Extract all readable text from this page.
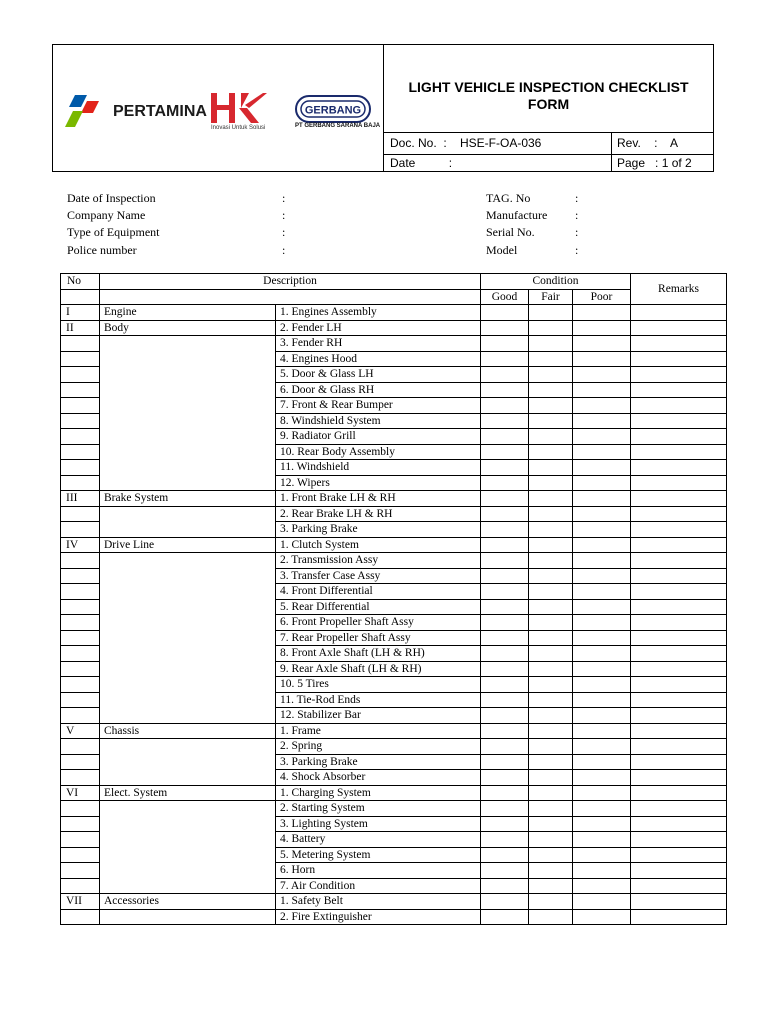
PERTAMINA
Inovasi Untuk Solusi
GERBANG
PT GERBANG SARANA BAJA
LIGHT VEHICLE INSPECTION CHECKLIST FORM
Doc. No.  : HSE-F-OA-036	Rev.    : A
Date          :	Page   : 1 of 2
Date of Inspection	:
Company Name	:
Type of Equipment	:
Police number	:
TAG. No	:
Manufacture :
Serial No.	:
Model	:
No	Description		Condition			Remarks
			Good	Fair	Poor	
I	Engine	1. Engines Assembly				
II	Body	2. Fender LH				
		3. Fender RH				
		4. Engines Hood				
		5. Door & Glass LH				
		6. Door & Glass RH				
		7. Front & Rear Bumper				
		8. Windshield System				
		9. Radiator Grill				
		10. Rear Body Assembly				
		11. Windshield				
		12. Wipers				
III	Brake System	1. Front Brake LH & RH				
		2. Rear Brake LH & RH				
		3. Parking Brake				
IV	Drive Line	1. Clutch System				
		2. Transmission Assy				
		3. Transfer Case Assy				
		4. Front Differential				
		5. Rear Differential				
		6. Front Propeller Shaft Assy				
		7. Rear Propeller Shaft Assy				
		8. Front Axle Shaft (LH & RH)				
		9. Rear Axle Shaft (LH & RH)				
		10. 5 Tires				
		11. Tie-Rod Ends				
		12. Stabilizer Bar				
V	Chassis	1. Frame				
		2. Spring				
		3. Parking Brake				
		4. Shock Absorber				
VI	Elect. System	1. Charging System				
		2. Starting System				
		3. Lighting System				
		4. Battery				
		5. Metering System				
		6. Horn				
		7. Air Condition				
VII	Accessories	1. Safety Belt				
		2. Fire Extinguisher				
